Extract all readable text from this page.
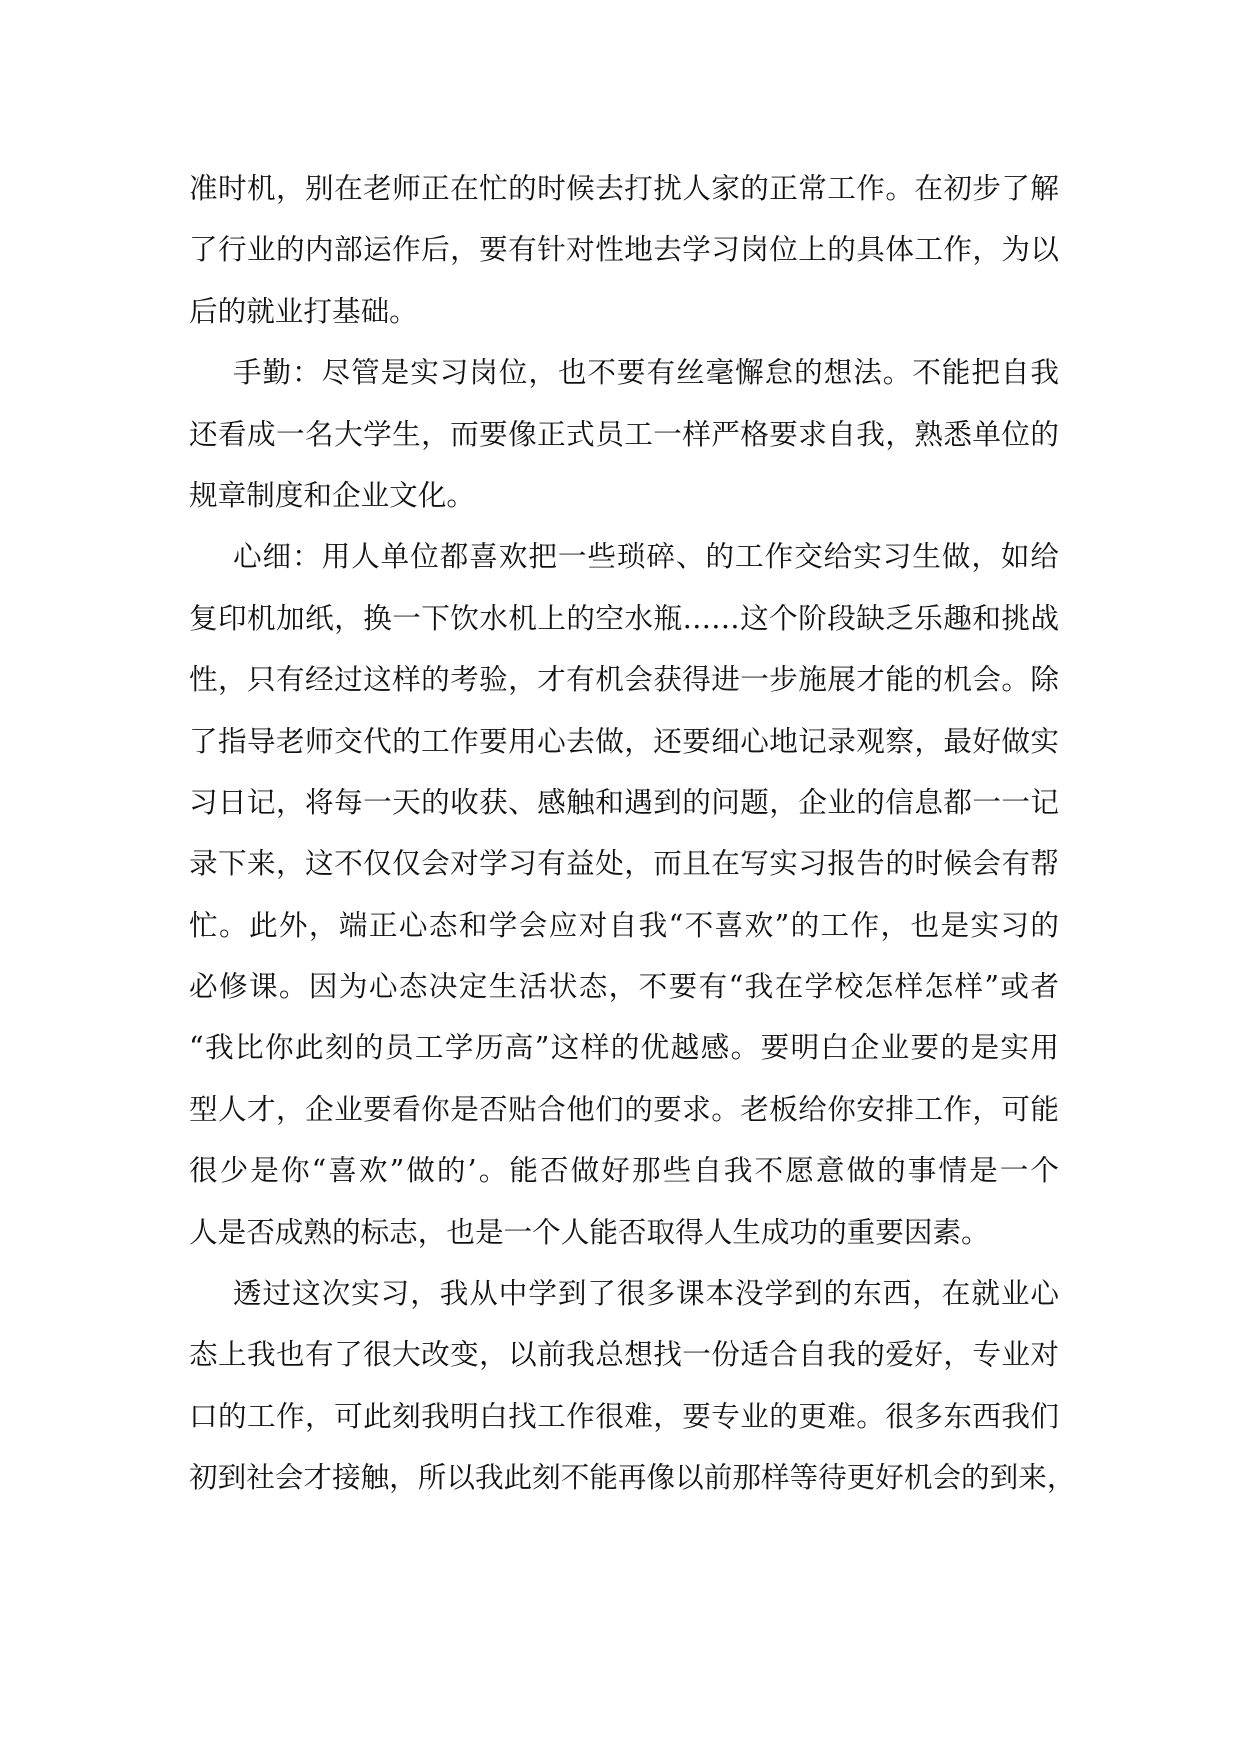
准时机，别在老师正在忙的时候去打扰人家的正常工作。在初步了解
了行业的内部运作后，要有针对性地去学习岗位上的具体工作，为以
后的就业打基础。
手勤：尽管是实习岗位，也不要有丝毫懈怠的想法。不能把自我
还看成一名大学生，而要像正式员工一样严格要求自我，熟悉单位的
规章制度和企业文化。
心细：用人单位都喜欢把一些琐碎、的工作交给实习生做，如给
复印机加纸，换一下饮水机上的空水瓶……这个阶段缺乏乐趣和挑战
性，只有经过这样的考验，才有机会获得进一步施展才能的机会。除
了指导老师交代的工作要用心去做，还要细心地记录观察，最好做实
习日记，将每一天的收获、感触和遇到的问题，企业的信息都一一记
录下来，这不仅仅会对学习有益处，而且在写实习报告的时候会有帮
忙。此外，端正心态和学会应对自我“不喜欢”的工作，也是实习的
必修课。因为心态决定生活状态，不要有“我在学校怎样怎样”或者
“我比你此刻的员工学历高”这样的优越感。要明白企业要的是实用
型人才，企业要看你是否贴合他们的要求。老板给你安排工作，可能
很少是你“喜欢”做的’。能否做好那些自我不愿意做的事情是一个
人是否成熟的标志，也是一个人能否取得人生成功的重要因素。
透过这次实习，我从中学到了很多课本没学到的东西，在就业心
态上我也有了很大改变，以前我总想找一份适合自我的爱好，专业对
口的工作，可此刻我明白找工作很难，要专业的更难。很多东西我们
初到社会才接触，所以我此刻不能再像以前那样等待更好机会的到来，
